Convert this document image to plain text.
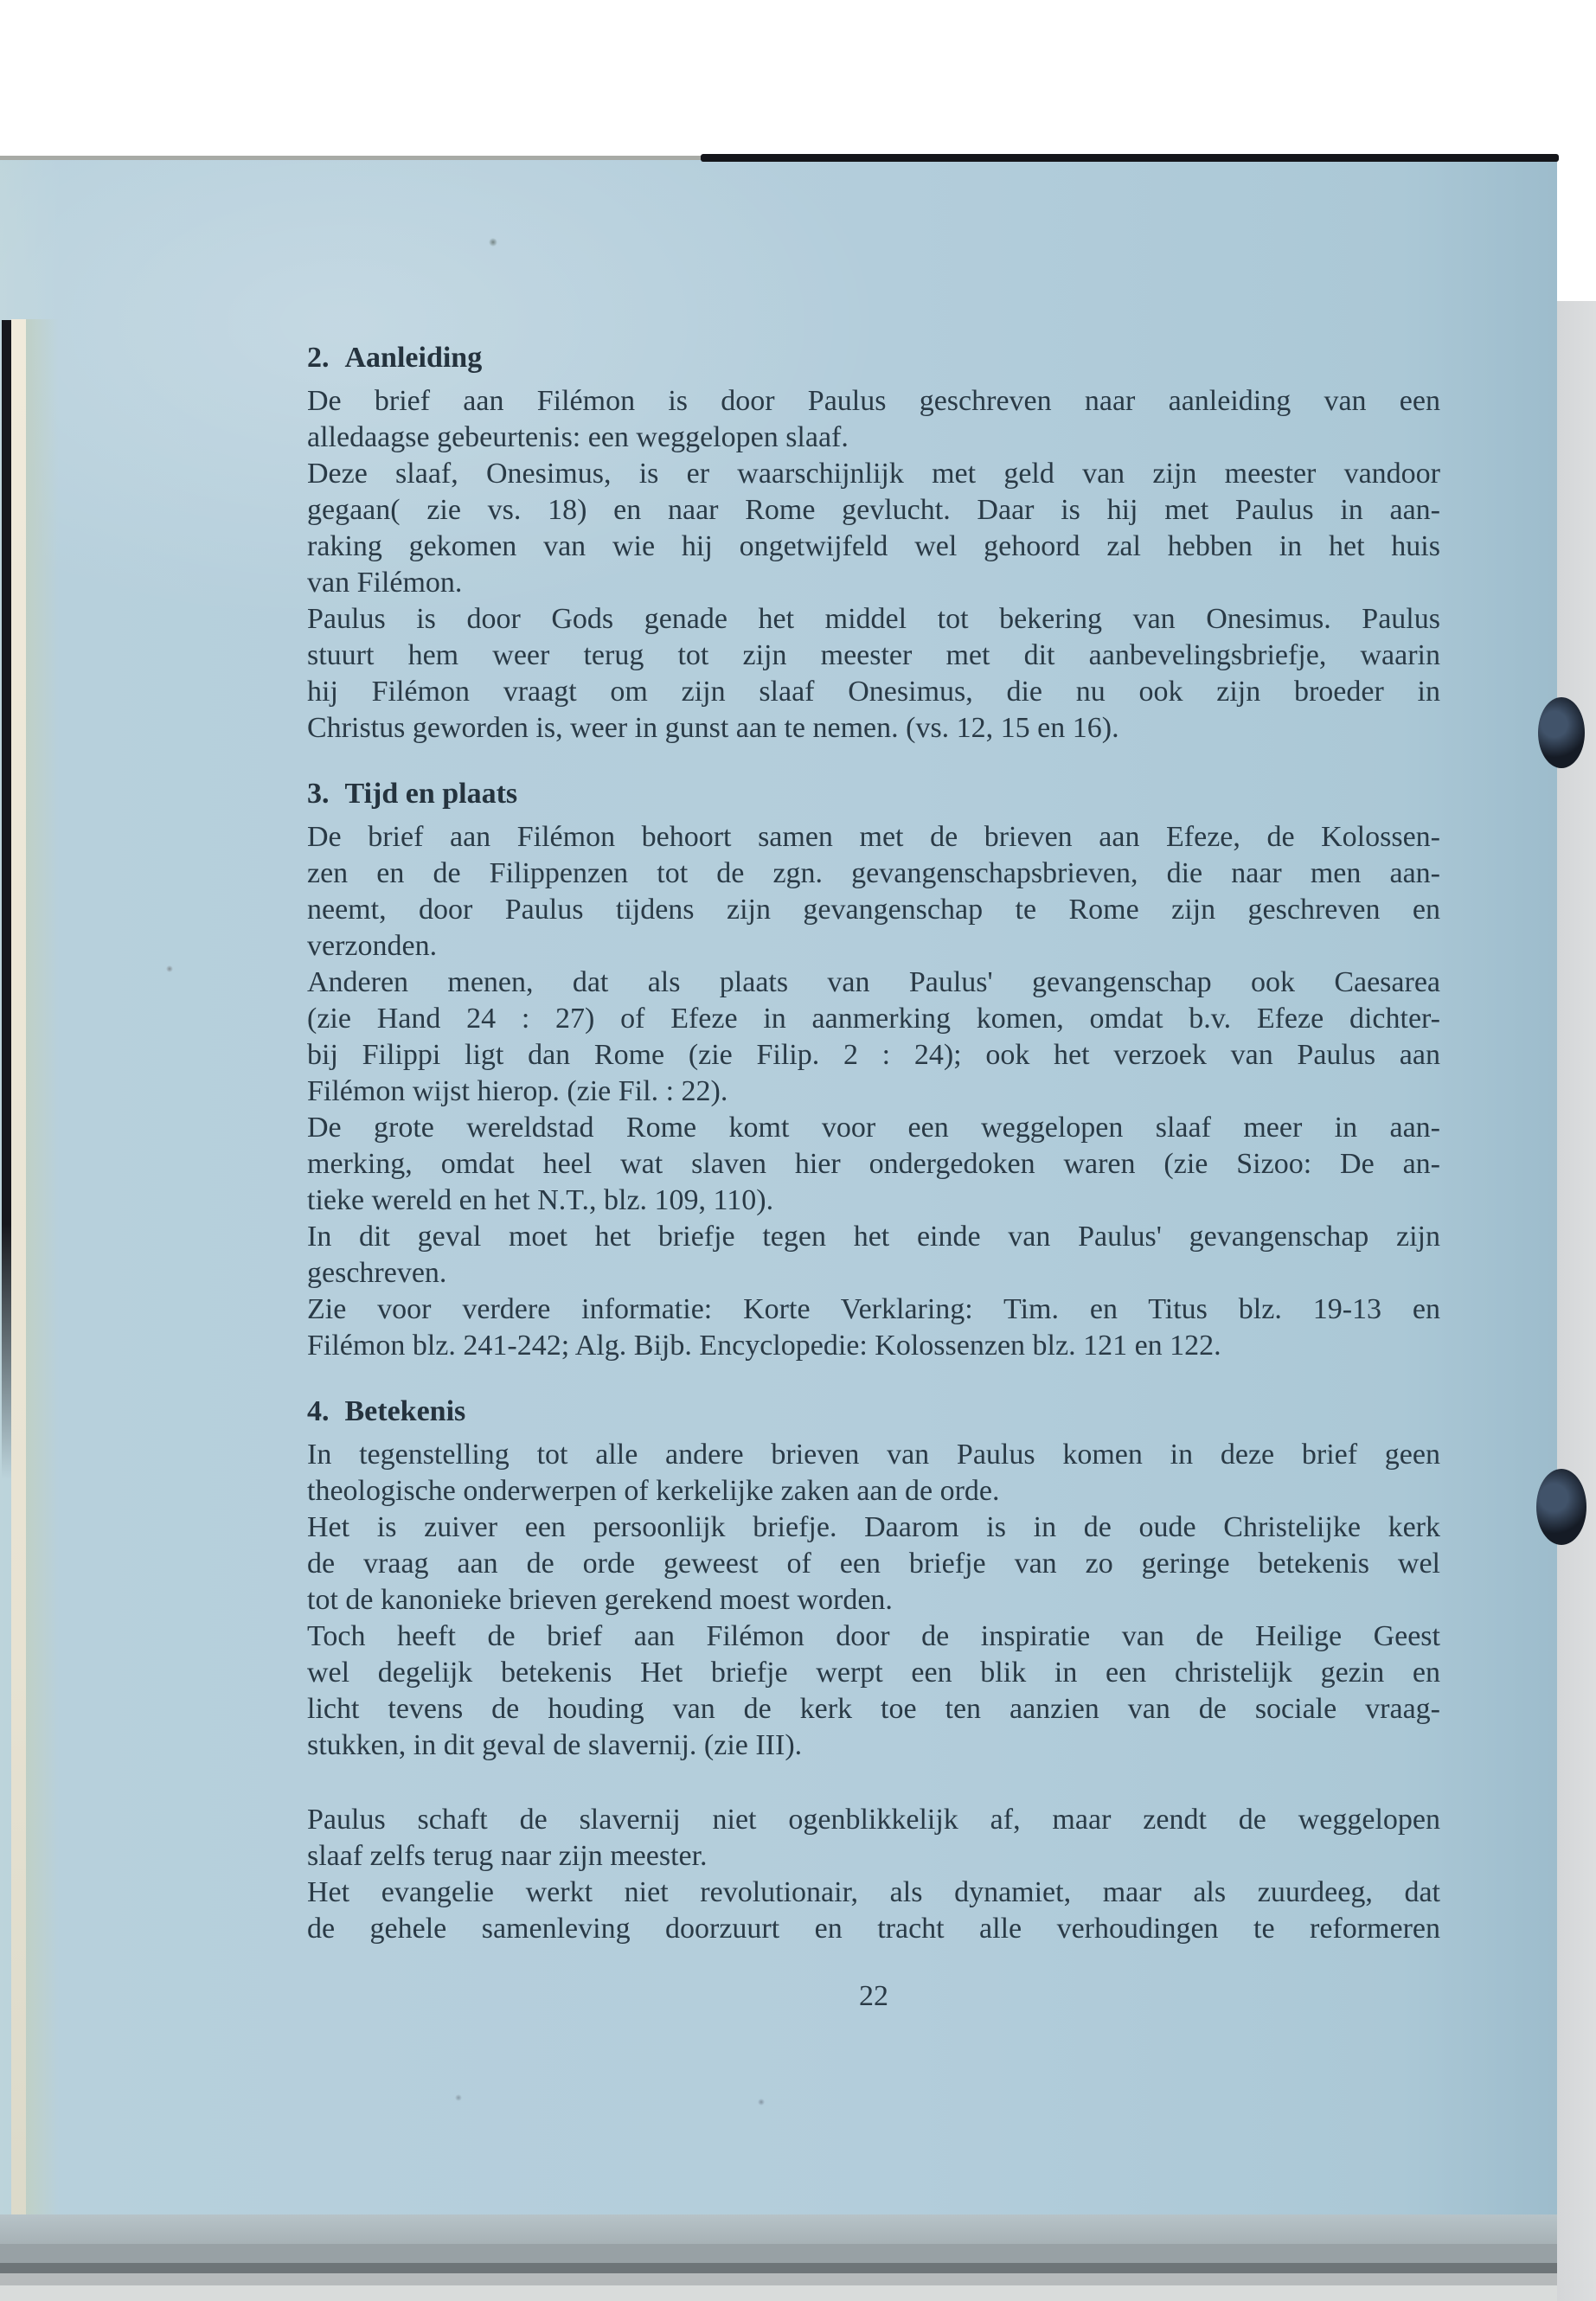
2. Aanleiding
De brief aan Filémon is door Paulus geschreven naar aanleiding van een
alledaagse gebeurtenis: een weggelopen slaaf.
Deze slaaf, Onesimus, is er waarschijnlijk met geld van zijn meester vandoor
gegaan( zie vs. 18) en naar Rome gevlucht. Daar is hij met Paulus in aan-
raking gekomen van wie hij ongetwijfeld wel gehoord zal hebben in het huis
van Filémon.
Paulus is door Gods genade het middel tot bekering van Onesimus. Paulus
stuurt hem weer terug tot zijn meester met dit aanbevelingsbriefje, waarin
hij Filémon vraagt om zijn slaaf Onesimus, die nu ook zijn broeder in
Christus geworden is, weer in gunst aan te nemen. (vs. 12, 15 en 16).
3. Tijd en plaats
De brief aan Filémon behoort samen met de brieven aan Efeze, de Kolossen-
zen en de Filippenzen tot de zgn. gevangenschapsbrieven, die naar men aan-
neemt, door Paulus tijdens zijn gevangenschap te Rome zijn geschreven en
verzonden.
Anderen menen, dat als plaats van Paulus' gevangenschap ook Caesarea
(zie Hand 24 : 27) of Efeze in aanmerking komen, omdat b.v. Efeze dichter-
bij Filippi ligt dan Rome (zie Filip. 2 : 24); ook het verzoek van Paulus aan
Filémon wijst hierop. (zie Fil. : 22).
De grote wereldstad Rome komt voor een weggelopen slaaf meer in aan-
merking, omdat heel wat slaven hier ondergedoken waren (zie Sizoo: De an-
tieke wereld en het N.T., blz. 109, 110).
In dit geval moet het briefje tegen het einde van Paulus' gevangenschap zijn
geschreven.
Zie voor verdere informatie: Korte Verklaring: Tim. en Titus blz. 19-13 en
Filémon blz. 241-242; Alg. Bijb. Encyclopedie: Kolossenzen blz. 121 en 122.
4. Betekenis
In tegenstelling tot alle andere brieven van Paulus komen in deze brief geen
theologische onderwerpen of kerkelijke zaken aan de orde.
Het is zuiver een persoonlijk briefje. Daarom is in de oude Christelijke kerk
de vraag aan de orde geweest of een briefje van zo geringe betekenis wel
tot de kanonieke brieven gerekend moest worden.
Toch heeft de brief aan Filémon door de inspiratie van de Heilige Geest
wel degelijk betekenis Het briefje werpt een blik in een christelijk gezin en
licht tevens de houding van de kerk toe ten aanzien van de sociale vraag-
stukken, in dit geval de slavernij. (zie III).
Paulus schaft de slavernij niet ogenblikkelijk af, maar zendt de weggelopen
slaaf zelfs terug naar zijn meester.
Het evangelie werkt niet revolutionair, als dynamiet, maar als zuurdeeg, dat
de gehele samenleving doorzuurt en tracht alle verhoudingen te reformeren
22
